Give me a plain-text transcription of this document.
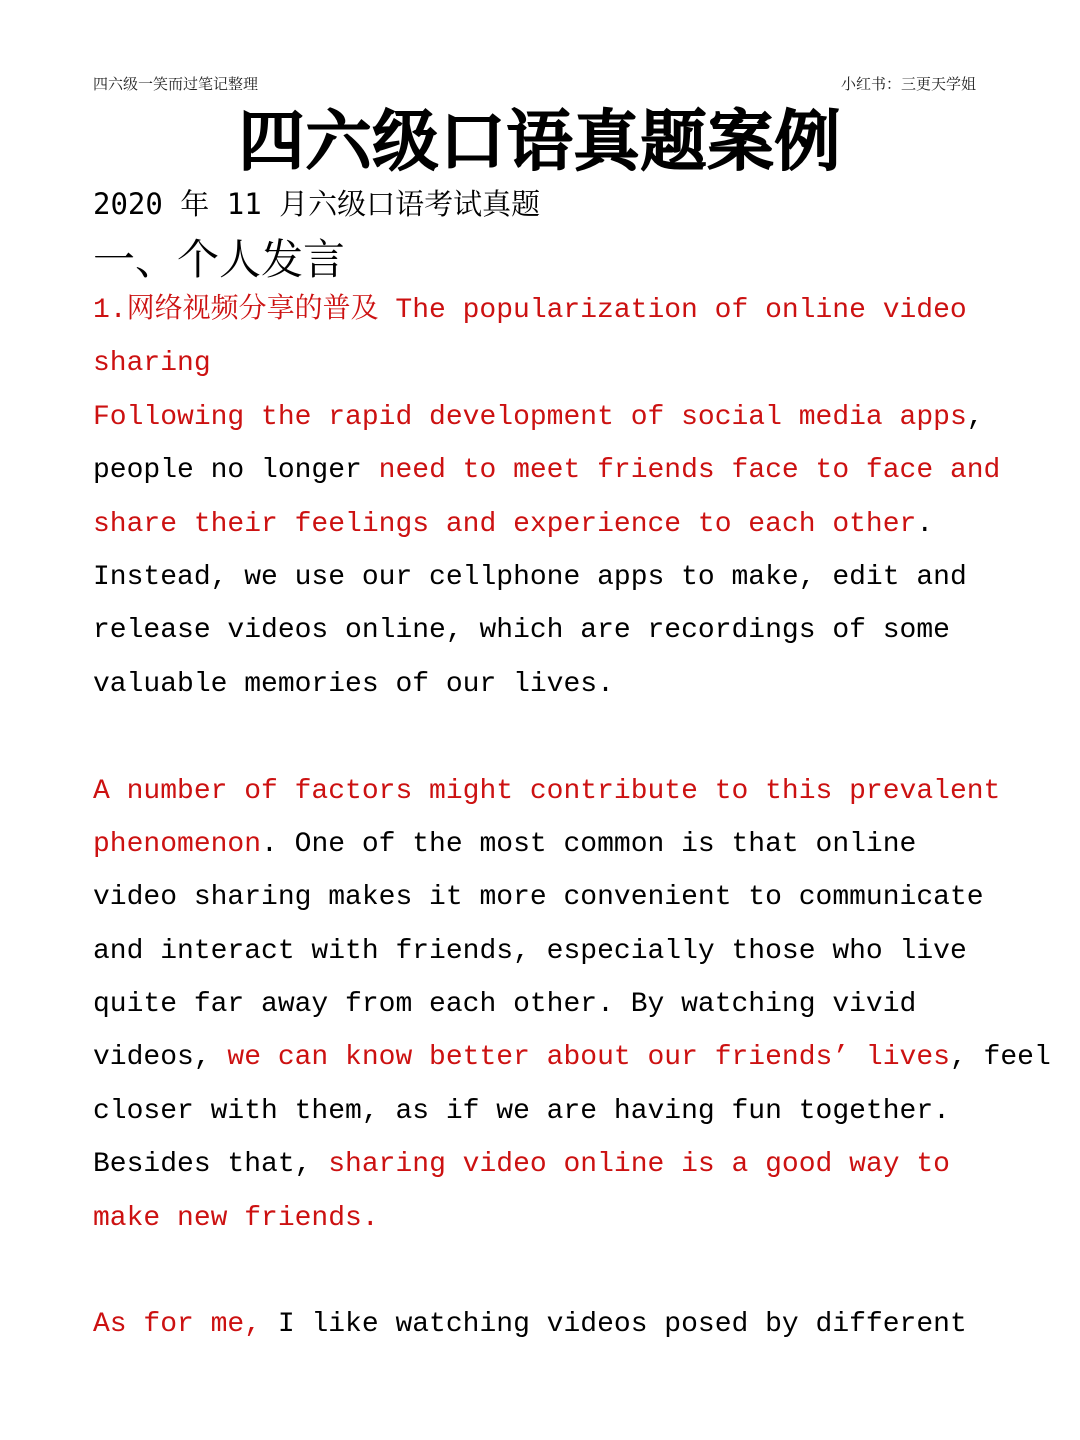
四六级一笑而过笔记整理	小红书：三更天学姐
四六级口语真题案例
2020 年 11 月六级口语考试真题
一、个人发言
1.网络视频分享的普及 The popularization of online video
sharing
Following the rapid development of social media apps,
people no longer need to meet friends face to face and
share their feelings and experience to each other.
Instead, we use our cellphone apps to make, edit and
release videos online, which are recordings of some
valuable memories of our lives.
A number of factors might contribute to this prevalent
phenomenon. One of the most common is that online
video sharing makes it more convenient to communicate
and interact with friends, especially those who live
quite far away from each other. By watching vivid
videos, we can know better about our friends’ lives, feel
closer with them, as if we are having fun together.
Besides that, sharing video online is a good way to
make new friends.
As for me, I like watching videos posed by different
